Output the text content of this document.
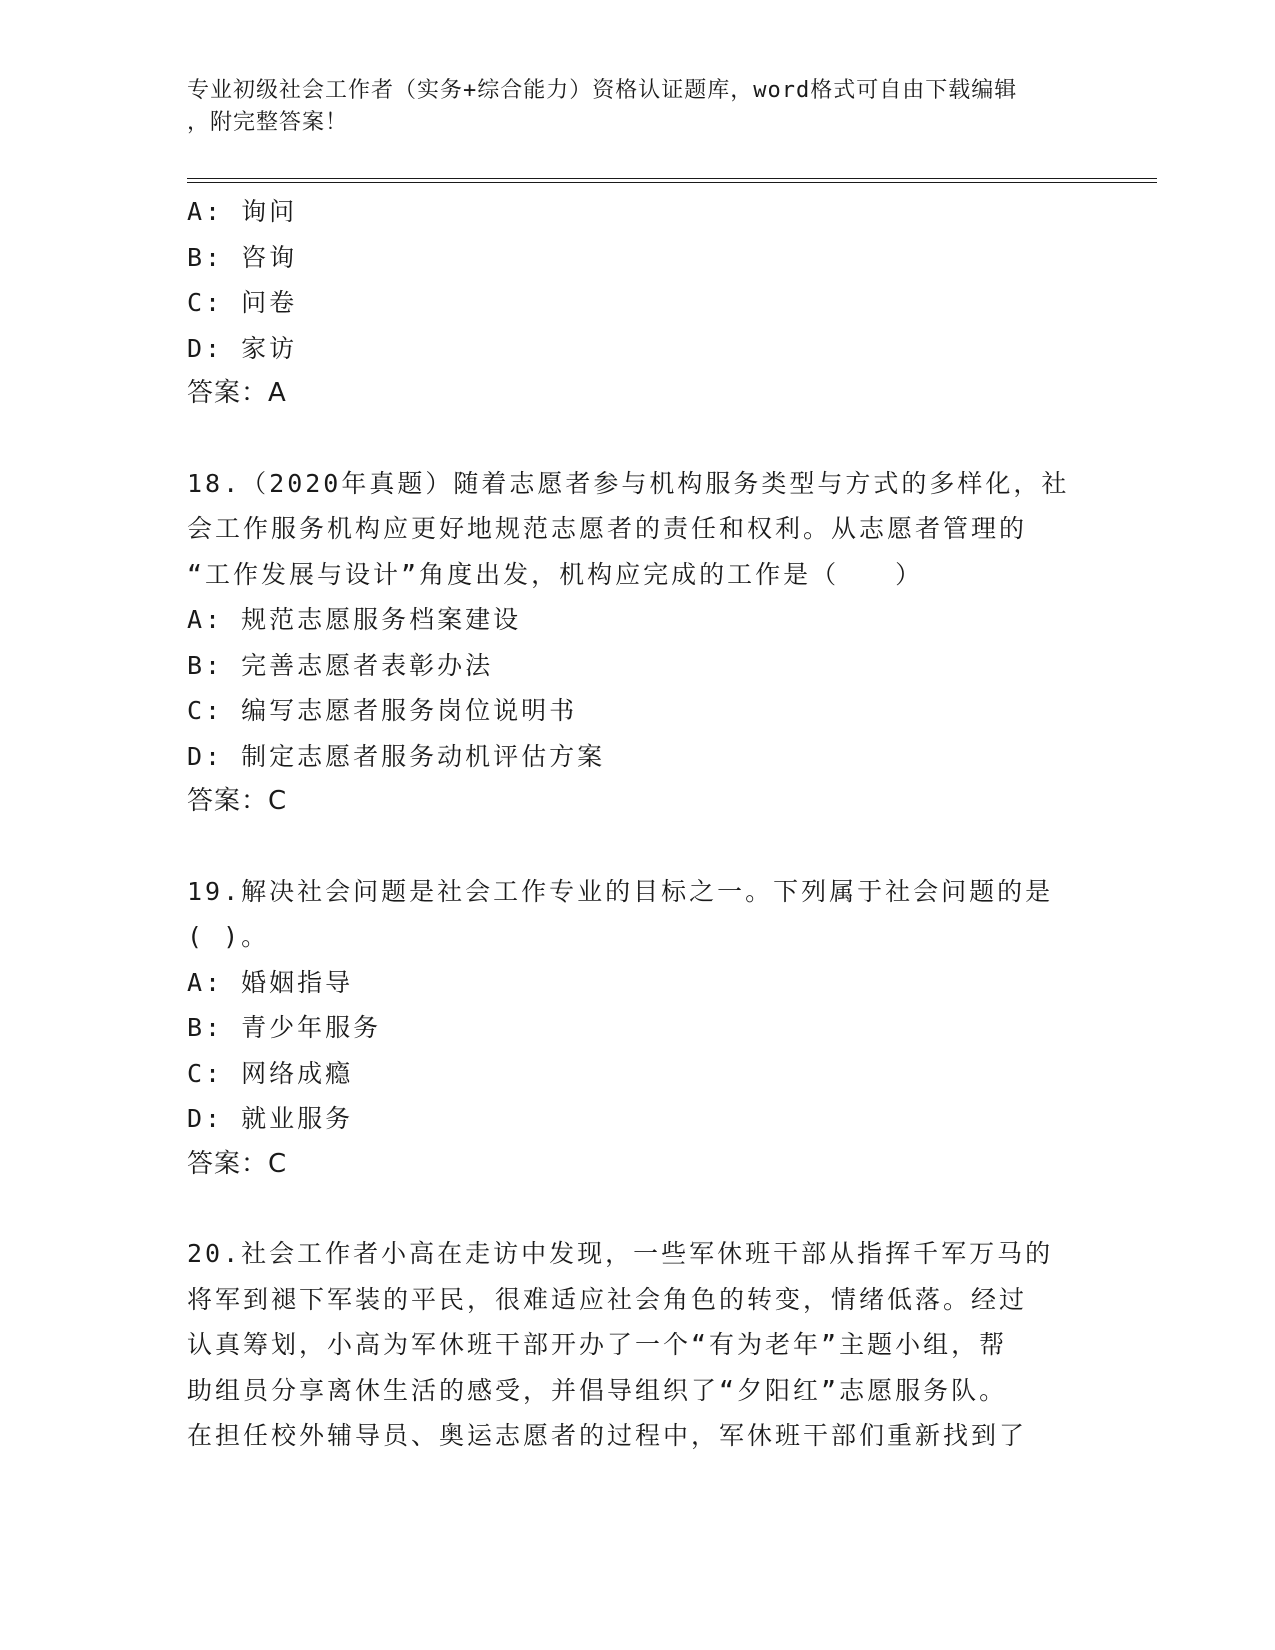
专业初级社会工作者（实务+综合能力）资格认证题库，word格式可自由下载编辑
，附完整答案！
A: 询问
B: 咨询
C: 问卷
D: 家访
答案：A
18.（2020年真题）随着志愿者参与机构服务类型与方式的多样化，社
会工作服务机构应更好地规范志愿者的责任和权利。从志愿者管理的
“工作发展与设计”角度出发，机构应完成的工作是（　　）
A: 规范志愿服务档案建设
B: 完善志愿者表彰办法
C: 编写志愿者服务岗位说明书
D: 制定志愿者服务动机评估方案
答案：C
19.解决社会问题是社会工作专业的目标之一。下列属于社会问题的是
( )。
A: 婚姻指导
B: 青少年服务
C: 网络成瘾
D: 就业服务
答案：C
20.社会工作者小高在走访中发现，一些军休班干部从指挥千军万马的
将军到褪下军装的平民，很难适应社会角色的转变，情绪低落。经过
认真筹划，小高为军休班干部开办了一个“有为老年”主题小组，帮
助组员分享离休生活的感受，并倡导组织了“夕阳红”志愿服务队。
在担任校外辅导员、奥运志愿者的过程中，军休班干部们重新找到了
